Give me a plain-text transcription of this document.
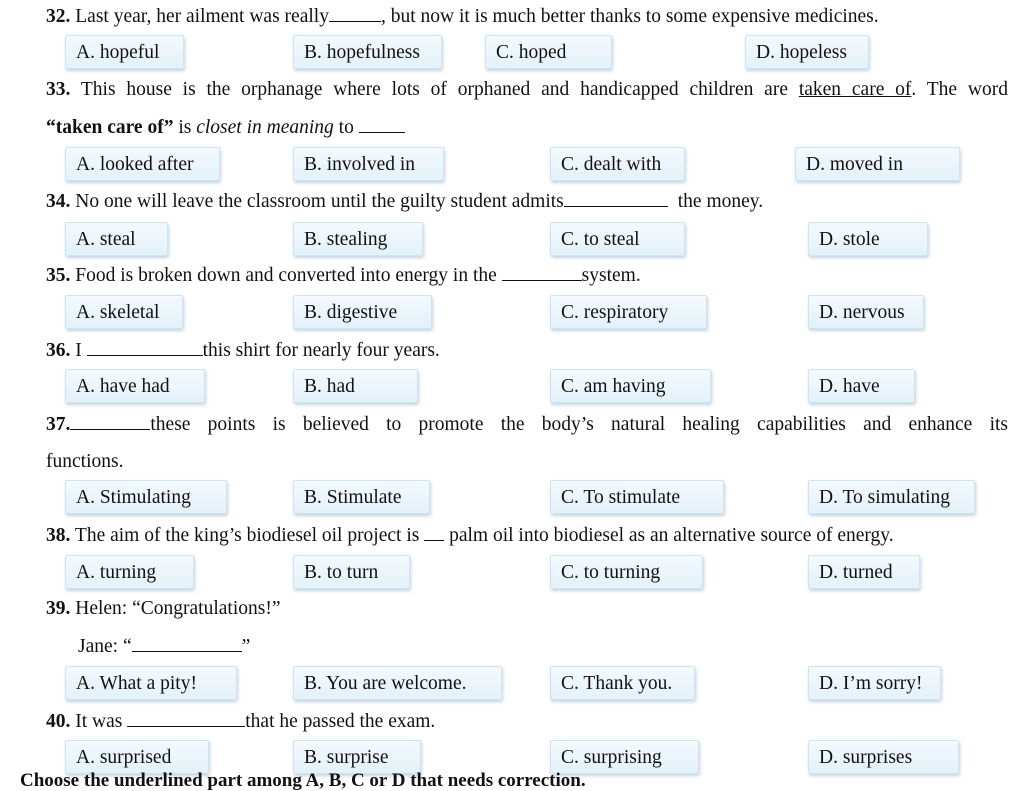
32. Last year, her ailment was really	, but now it is much better thanks to some expensive medicines.
A. hopeful	B. hopefulness	C. hoped	D. hopeless
33. This house is the orphanage where lots of orphaned and handicapped children are taken care of. The word
“taken care of” is closet in meaning to
A. looked after	B. involved in	C. dealt with	D. moved in
34. No one will leave the classroom until the guilty student admits	the money.
A. steal	B. stealing	C. to steal	D. stole
35. Food is broken down and converted into energy in the	system.
A. skeletal	B. digestive	C. respiratory	D. nervous
36. I	this shirt for nearly four years.
A. have had	B. had	C. am having	D. have
37.	these points is believed to promote the body’s natural healing capabilities and enhance its
functions.
A. Stimulating	B. Stimulate	C. To stimulate	D. To simulating
38. The aim of the king’s biodiesel oil project is palm oil into biodiesel as an alternative source of energy.
A. turning	B. to turn	C. to turning	D. turned
39. Helen: “Congratulations!”
Jane: “	”
A. What a pity!	B. You are welcome.	C. Thank you.	D. I’m sorry!
40. It was	that he passed the exam.
A. surprised	B. surprise	C. surprising	D. surprises
Choose the underlined part among A, B, C or D that needs correction.
